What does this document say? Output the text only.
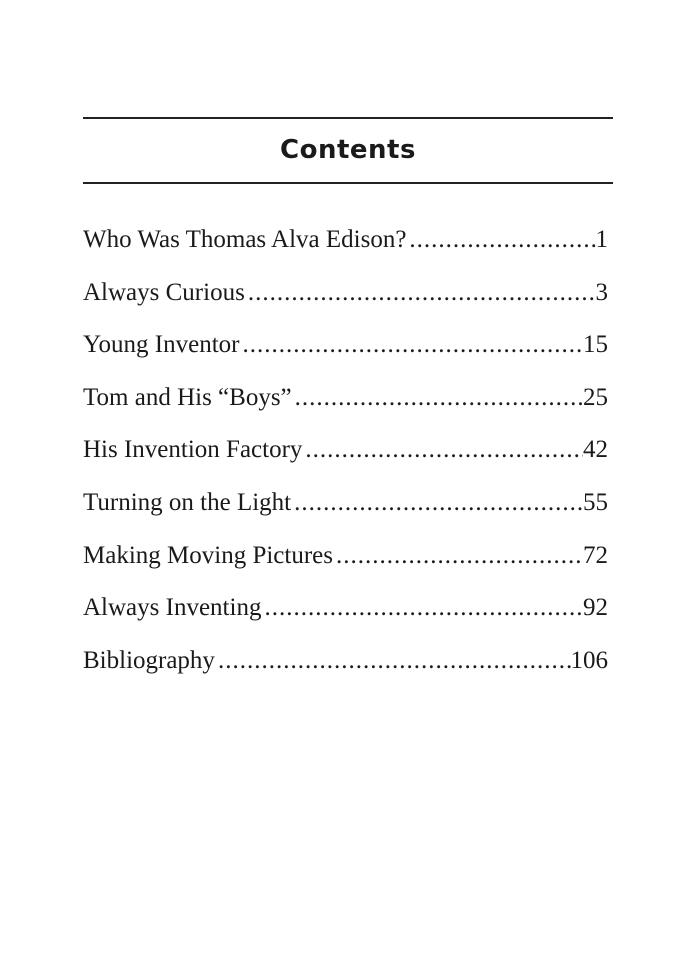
Contents
Who Was Thomas Alva Edison? .....	1
Always Curious .....	3
Young Inventor .....	15
Tom and His “Boys” .....	25
His Invention Factory .....	42
Turning on the Light .....	55
Making Moving Pictures .....	72
Always Inventing .....	92
Bibliography .....	106
